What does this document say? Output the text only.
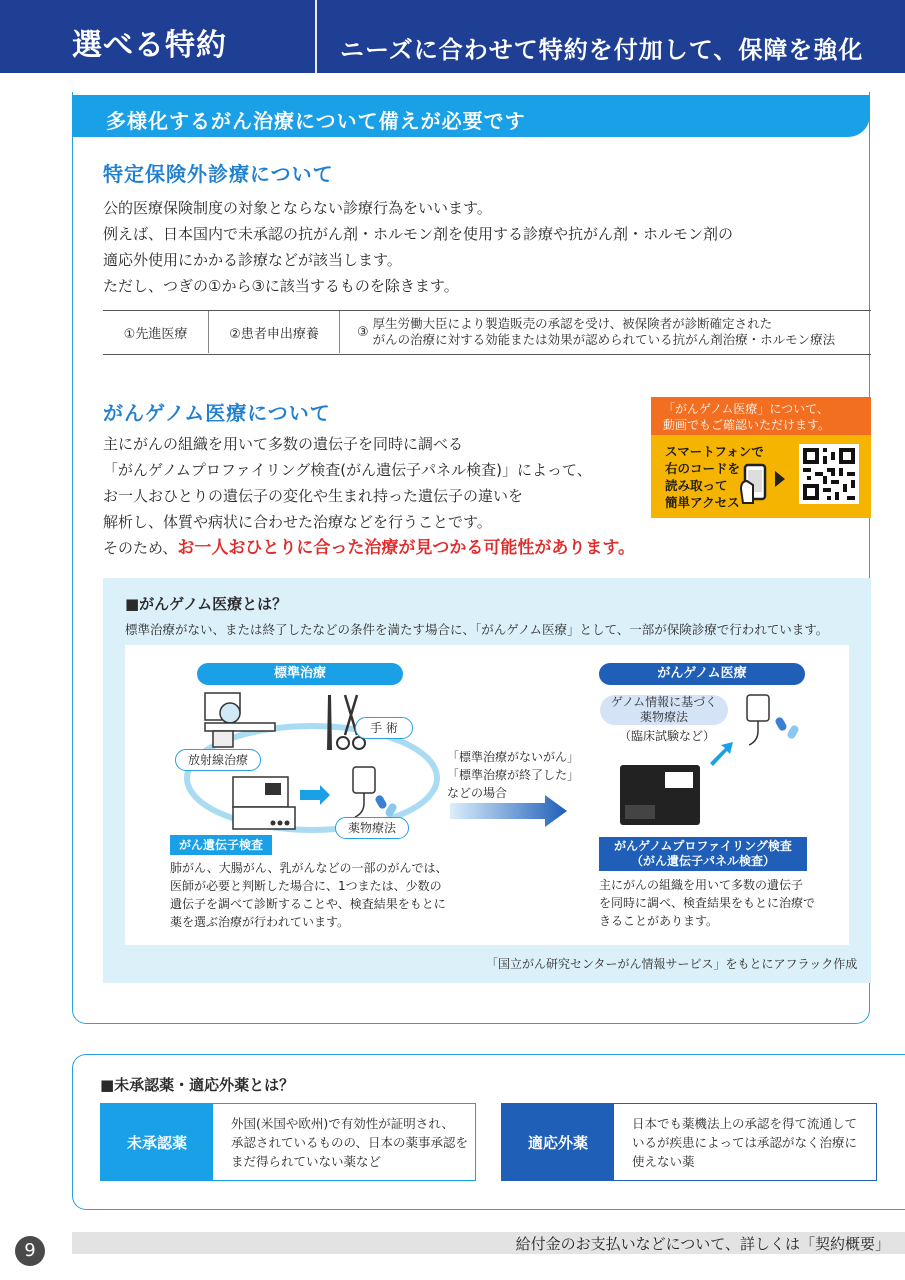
選べる特約	ニーズに合わせて特約を付加して、保障を強化
多様化するがん治療について備えが必要です
特定保険外診療について
公的医療保険制度の対象とならない診療行為をいいます。
例えば、日本国内で未承認の抗がん剤・ホルモン剤を使用する診療や抗がん剤・ホルモン剤の
適応外使用にかかる診療などが該当します。
ただし、つぎの①から③に該当するものを除きます。
①先進医療	②患者申出療養	③
厚生労働大臣により製造販売の承認を受け、被保険者が診断確定された
がんの治療に対する効能または効果が認められている抗がん剤治療・ホルモン療法
がんゲノム医療について
主にがんの組織を用いて多数の遺伝子を同時に調べる
「がんゲノムプロファイリング検査(がん遺伝子パネル検査)」によって、
お一人おひとりの遺伝子の変化や生まれ持った遺伝子の違いを
解析し、体質や病状に合わせた治療などを行うことです。
そのため、お一人おひとりに合った治療が見つかる可能性があります。
「がんゲノム医療」について、
動画でもご確認いただけます。
スマートフォンで
右のコードを
読み取って
簡単アクセス
■がんゲノム医療とは？
標準治療がない、または終了したなどの条件を満たす場合に、「がんゲノム医療」として、一部が保険診療で行われています。
標準治療
手 術
放射線治療
薬物療法
がん遺伝子検査
肺がん、大腸がん、乳がんなどの一部のがんでは、
医師が必要と判断した場合に、1つまたは、少数の
遺伝子を調べて診断することや、検査結果をもとに
薬を選ぶ治療が行われています。
「標準治療がないがん」
「標準治療が終了した」
などの場合
がんゲノム医療
ゲノム情報に基づく
薬物療法
（臨床試験など）
がんゲノムプロファイリング検査
（がん遺伝子パネル検査）
主にがんの組織を用いて多数の遺伝子
を同時に調べ、検査結果をもとに治療で
きることがあります。
「国立がん研究センターがん情報サービス」をもとにアフラック作成
■未承認薬・適応外薬とは？
未承認薬
外国(米国や欧州)で有効性が証明され、
承認されているものの、日本の薬事承認を
まだ得られていない薬など
適応外薬
日本でも薬機法上の承認を得て流通して
いるが疾患によっては承認がなく治療に
使えない薬
9	給付金のお支払いなどについて、詳しくは「契約概要」
